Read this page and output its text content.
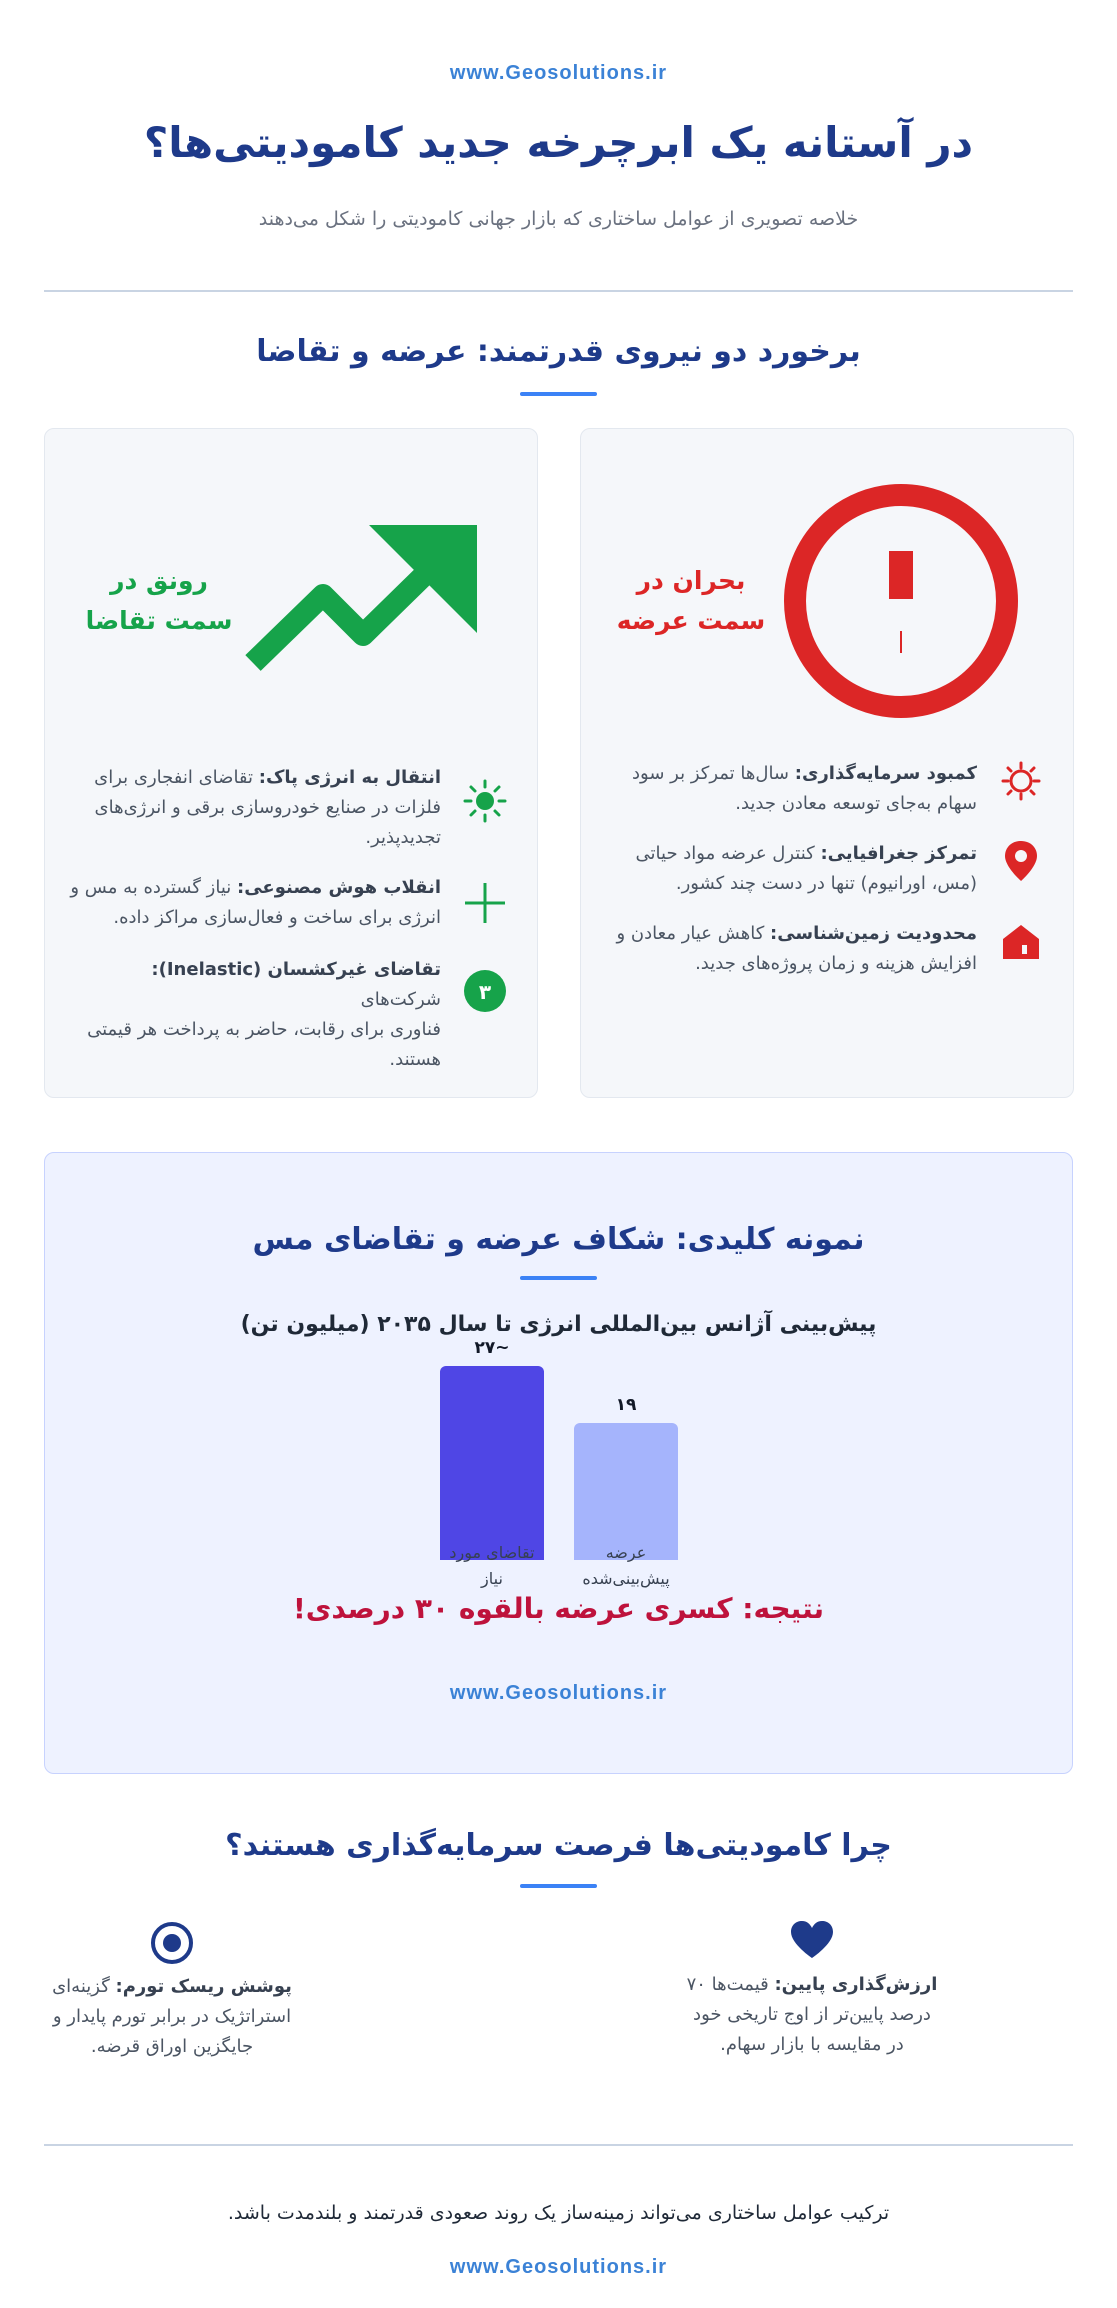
www.Geosolutions.ir
در آستانه یک ابرچرخه جدید کامودیتی‌ها؟
خلاصه تصویری از عوامل ساختاری که بازار جهانی کامودیتی را شکل می‌دهند
برخورد دو نیروی قدرتمند: عرضه و تقاضا
بحران در
سمت عرضه
کمبود سرمایه‌گذاری: سال‌ها تمرکز بر سود
سهام به‌جای توسعه معادن جدید.
تمرکز جغرافیایی: کنترل عرضه مواد حیاتی
(مس، اورانیوم) تنها در دست چند کشور.
محدودیت زمین‌شناسی: کاهش عیار معادن و
افزایش هزینه و زمان پروژه‌های جدید.
رونق در
سمت تقاضا
انتقال به انرژی پاک: تقاضای انفجاری برای
فلزات در صنایع خودروسازی برقی و انرژی‌های
تجدیدپذیر.
انقلاب هوش مصنوعی: نیاز گسترده به مس و
انرژی برای ساخت و فعال‌سازی مراکز داده.
۳
تقاضای غیرکشسان (Inelastic): شرکت‌های
فناوری برای رقابت، حاضر به پرداخت هر قیمتی
هستند.
نمونه کلیدی: شکاف عرضه و تقاضای مس
پیش‌بینی آژانس بین‌المللی انرژی تا سال ۲۰۳۵ (میلیون تن)
~۲۷
۱۹
تقاضای مورد
نیاز
عرضه
پیش‌بینی‌شده
نتیجه: کسری عرضه بالقوه ۳۰ درصدی!
www.Geosolutions.ir
چرا کامودیتی‌ها فرصت سرمایه‌گذاری هستند؟
ارزش‌گذاری پایین: قیمت‌ها ۷۰
درصد پایین‌تر از اوج تاریخی خود
در مقایسه با بازار سهام.
پوشش ریسک تورم: گزینه‌ای
استراتژیک در برابر تورم پایدار و
جایگزین اوراق قرضه.
ترکیب عوامل ساختاری می‌تواند زمینه‌ساز یک روند صعودی قدرتمند و بلندمدت باشد.
www.Geosolutions.ir
